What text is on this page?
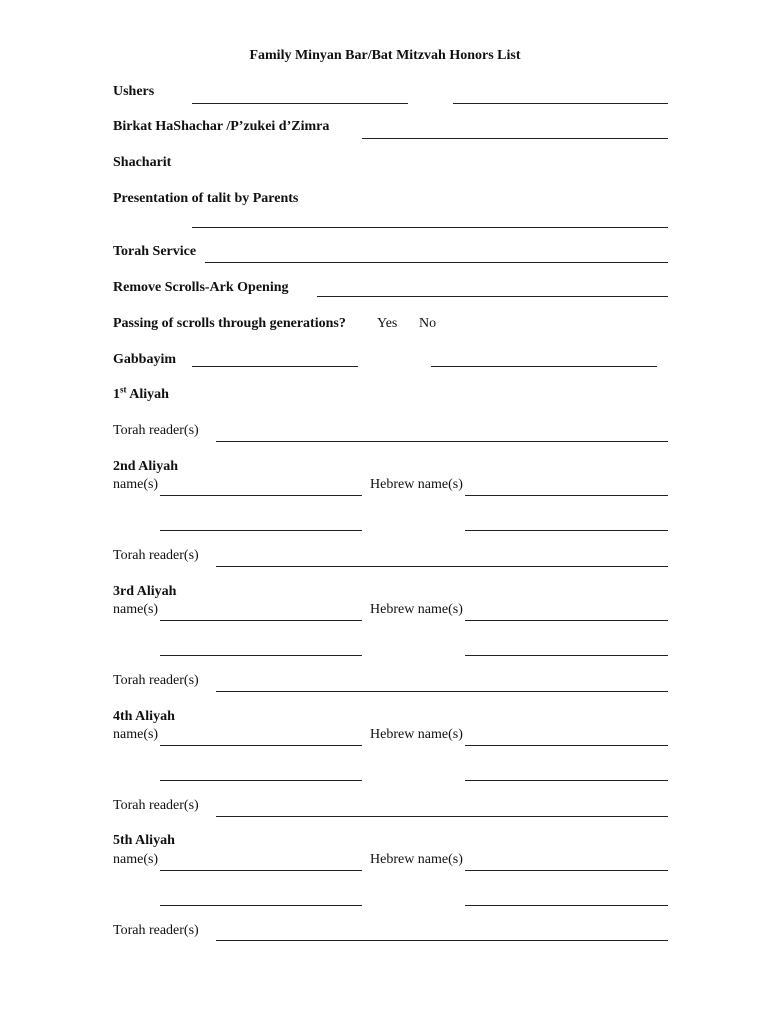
Family Minyan Bar/Bat Mitzvah Honors List
Ushers
Birkat HaShachar /P’zukei d’Zimra
Shacharit
Presentation of talit by Parents
Torah Service
Remove Scrolls-Ark Opening
Passing of scrolls through generations? Yes No
Gabbayim
1st Aliyah
Torah reader(s)
2nd Aliyah
name(s)	Hebrew name(s)
Torah reader(s)
3rd Aliyah
name(s)	Hebrew name(s)
Torah reader(s)
4th Aliyah
name(s)	Hebrew name(s)
Torah reader(s)
5th Aliyah
name(s)	Hebrew name(s)
Torah reader(s)
